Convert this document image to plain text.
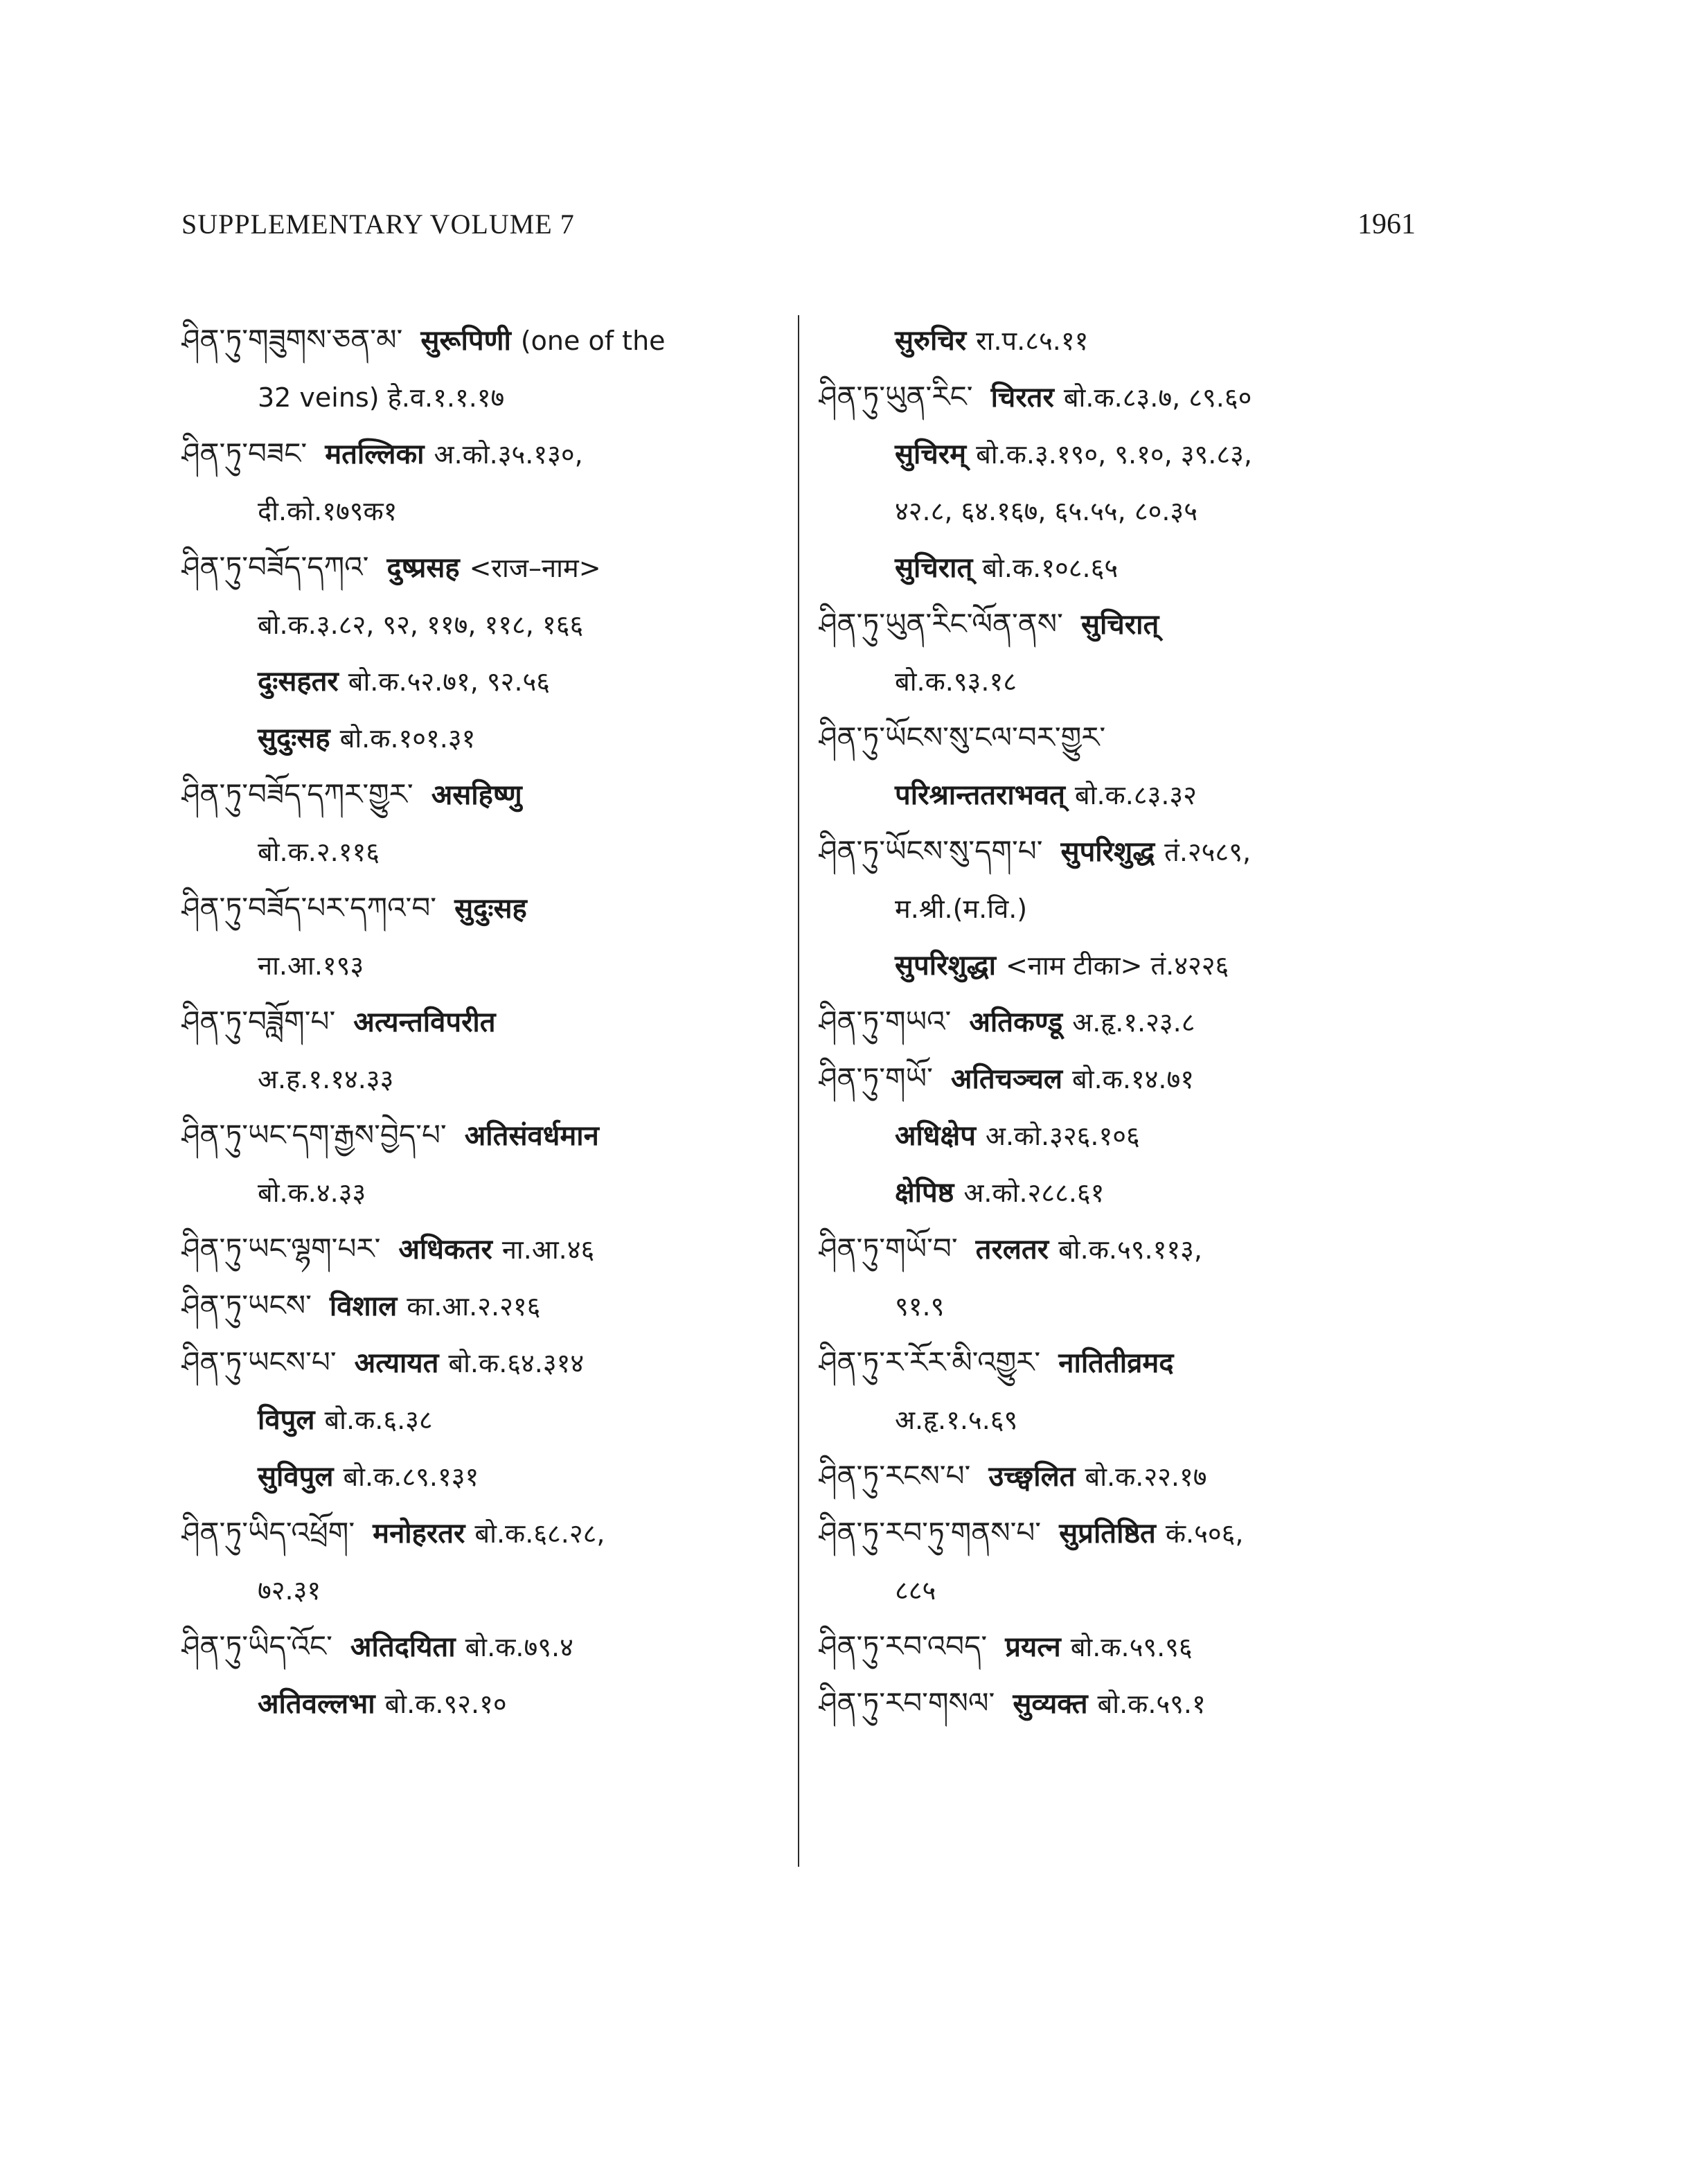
SUPPLEMENTARY VOLUME 7	1961
ཤིན་ཏུ་གཟུགས་ཅན་མ་ सुरूपिणी (one of the
32 veins) हे.व.१.१.१७
ཤིན་ཏུ་བཟང་ मतल्लिका अ.को.३५.१३०,
दी.को.१७९क१
ཤིན་ཏུ་བཟོད་དཀའ་ दुष्प्रसह <राज–नाम>
बो.क.३.८२, ९२, ११७, ११८, १६६
दुःसहतर बो.क.५२.७१, ९२.५६
सुदुःसह बो.क.१०१.३१
ཤིན་ཏུ་བཟོད་དཀར་གྱུར་ असहिष्णु
बो.क.२.११६
ཤིན་ཏུ་བཟོད་པར་དཀའ་བ་ सुदुःसह
ना.आ.१९३
ཤིན་ཏུ་བཟློག་པ་ अत्यन्तविपरीत
अ.ह.१.१४.३३
ཤིན་ཏུ་ཡང་དག་རྒྱས་བྱེད་པ་ अतिसंवर्धमान
बो.क.४.३३
ཤིན་ཏུ་ཡང་ལྷག་པར་ अधिकतर ना.आ.४६
ཤིན་ཏུ་ཡངས་ विशाल का.आ.२.२१६
ཤིན་ཏུ་ཡངས་པ་ अत्यायत बो.क.६४.३१४
विपुल बो.क.६.३८
सुविपुल बो.क.८९.१३१
ཤིན་ཏུ་ཡིད་འཕྲོག་ मनोहरतर बो.क.६८.२८,
७२.३१
ཤིན་ཏུ་ཡིད་འོང་ अतिदयिता बो.क.७९.४
अतिवल्लभा बो.क.९२.१०
सुरुचिर रा.प.८५.११
ཤིན་ཏུ་ཡུན་རིང་ चिरतर बो.क.८३.७, ८९.६०
सुचिरम् बो.क.३.१९०, ९.१०, ३९.८३,
४२.८, ६४.१६७, ६५.५५, ८०.३५
सुचिरात् बो.क.१०८.६५
ཤིན་ཏུ་ཡུན་རིང་ལོན་ནས་ सुचिरात्
बो.क.९३.१८
ཤིན་ཏུ་ཡོངས་སུ་ངལ་བར་གྱུར་
परिश्रान्ततराभवत् बो.क.८३.३२
ཤིན་ཏུ་ཡོངས་སུ་དག་པ་ सुपरिशुद्ध तं.२५८९,
म.श्री.(म.वि.)
सुपरिशुद्धा <नाम टीका> तं.४२२६
ཤིན་ཏུ་གཡའ་ अतिकण्डू अ.हृ.१.२३.८
ཤིན་ཏུ་གཡོ་ अतिचञ्चल बो.क.१४.७१
अधिक्षेप अ.को.३२६.१०६
क्षेपिष्ठ अ.को.२८८.६१
ཤིན་ཏུ་གཡོ་བ་ तरलतर बो.क.५९.११३,
९१.९
ཤིན་ཏུ་ར་རོར་མི་འགྱུར་ नातितीव्रमद
अ.हृ.१.५.६९
ཤིན་ཏུ་རངས་པ་ उच्छ्वलित बो.क.२२.१७
ཤིན་ཏུ་རབ་ཏུ་གནས་པ་ सुप्रतिष्ठित कं.५०६,
८८५
ཤིན་ཏུ་རབ་འབད་ प्रयत्न बो.क.५९.९६
ཤིན་ཏུ་རབ་གསལ་ सुव्यक्त बो.क.५९.१
